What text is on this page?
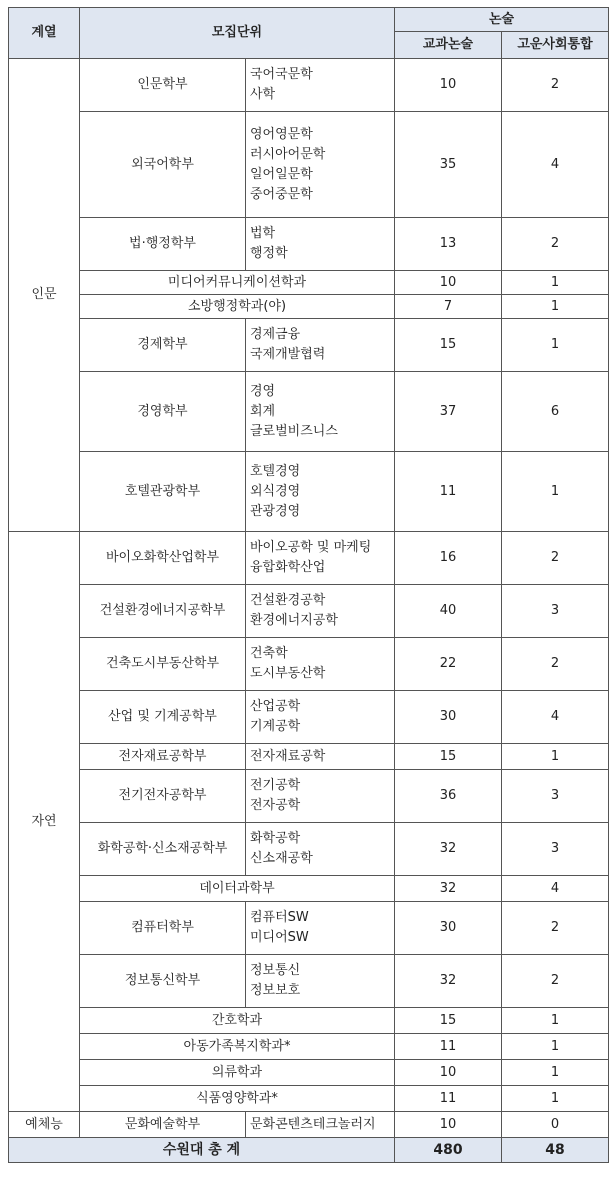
계열	모집단위		논술	
			교과논술	고운사회통합
인문	인문학부	국어국문학
사학	10	2
	외국어학부	영어영문학
러시아어문학
일어일문학
중어중문학	35	4
	법·행정학부	법학
행정학	13	2
	미디어커뮤니케이션학과		10	1
	소방행정학과(야)		7	1
	경제학부	경제금융
국제개발협력	15	1
	경영학부	경영
회계
글로벌비즈니스	37	6
	호텔관광학부	호텔경영
외식경영
관광경영	11	1
자연	바이오화학산업학부	바이오공학 및 마케팅
융합화학산업	16	2
	건설환경에너지공학부	건설환경공학
환경에너지공학	40	3
	건축도시부동산학부	건축학
도시부동산학	22	2
	산업 및 기계공학부	산업공학
기계공학	30	4
	전자재료공학부	전자재료공학	15	1
	전기전자공학부	전기공학
전자공학	36	3
	화학공학·신소재공학부	화학공학
신소재공학	32	3
	데이터과학부		32	4
	컴퓨터학부	컴퓨터SW
미디어SW	30	2
	정보통신학부	정보통신
정보보호	32	2
	간호학과		15	1
	아동가족복지학과*		11	1
	의류학과		10	1
	식품영양학과*		11	1
예체능	문화예술학부	문화콘텐츠테크놀러지	10	0
수원대 총 계			480	48
